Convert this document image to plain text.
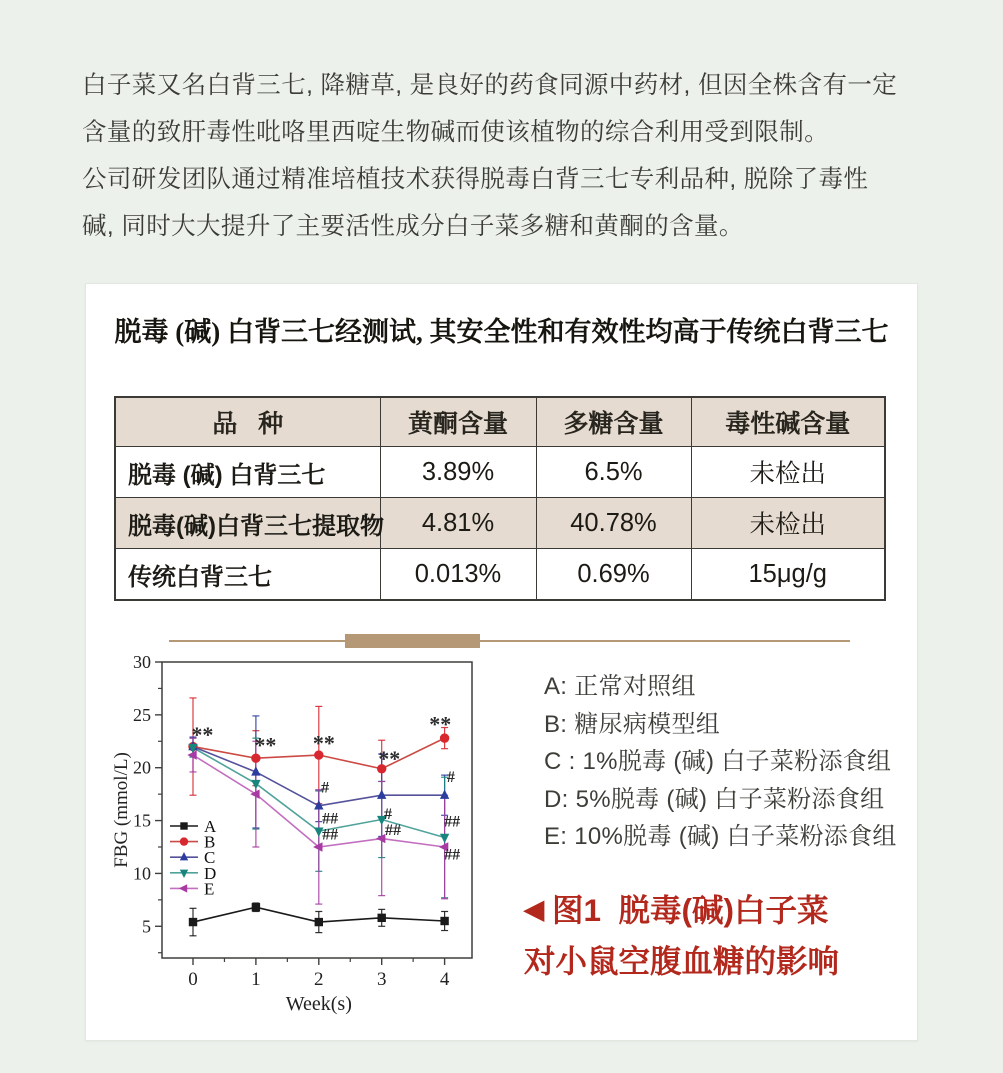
白子菜又名白背三七, 降糖草, 是良好的药食同源中药材, 但因全株含有一定
含量的致肝毒性吡咯里西啶生物碱而使该植物的综合利用受到限制。

公司研发团队通过精准培植技术获得脱毒白背三七专利品种, 脱除了毒性
碱, 同时大大提升了主要活性成分白子菜多糖和黄酮的含量。

脱毒 (碱) 白背三七经测试, 其安全性和有效性均高于传统白背三七
品   种	黄酮含量	多糖含量	毒性碱含量
脱毒 (碱) 白背三七	3.89%	6.5%	未检出
脱毒(碱)白背三七提取物	4.81%	40.78%	未检出
传统白背三七	0.013%	0.69%	15μg/g
5
10
15
20
25
30
0	1	2	3	4
Week(s)
FBG (mmol/L)	A
B
C
D
E
** ** **
**
**
#
##
##
#
##
#
##
##
A: 正常对照组
B: 糖尿病模型组
C : 1%脱毒 (碱) 白子菜粉添食组
D: 5%脱毒 (碱) 白子菜粉添食组
E: 10%脱毒 (碱) 白子菜粉添食组
◀ 图1  脱毒(碱)白子菜
对小鼠空腹血糖的影响
